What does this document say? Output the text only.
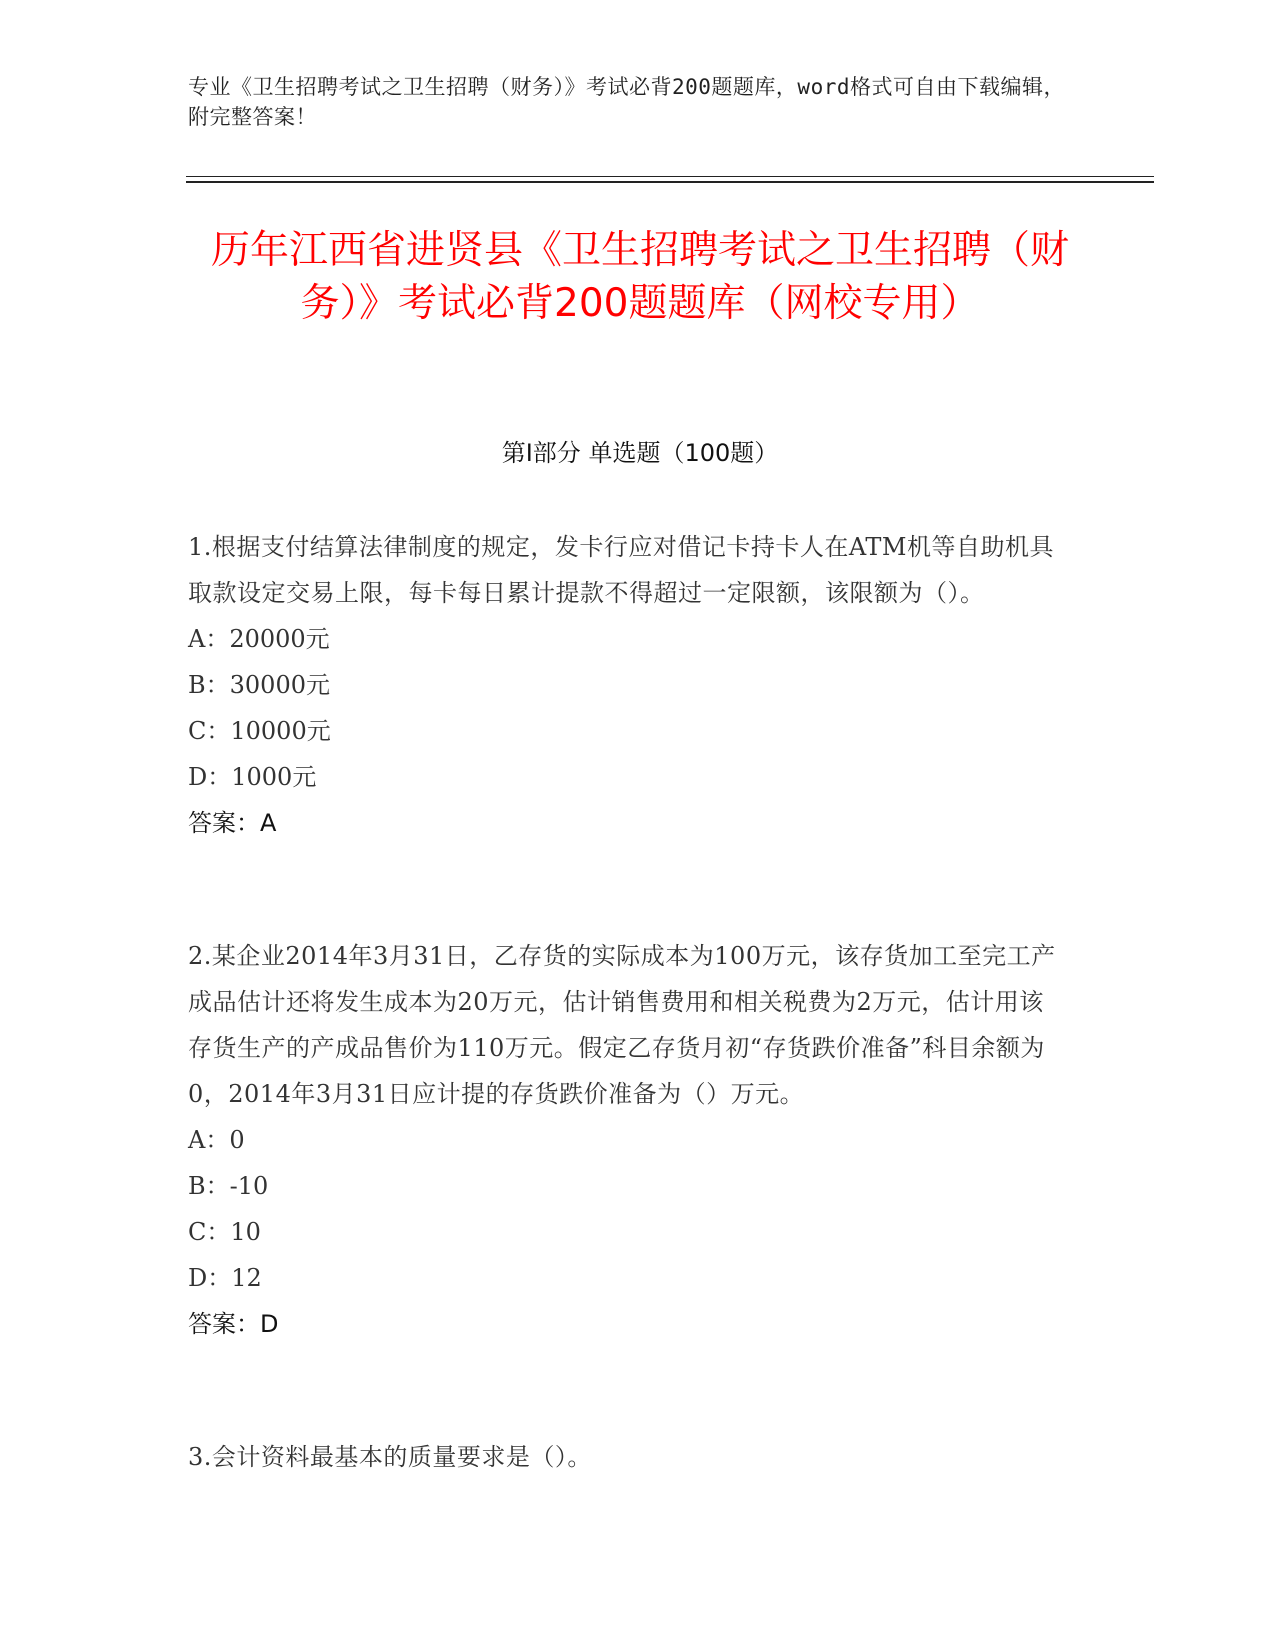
专业《卫生招聘考试之卫生招聘（财务）》考试必背200题题库，word格式可自由下载编辑，附完整答案！
历年江西省进贤县《卫生招聘考试之卫生招聘（财务）》考试必背200题题库（网校专用）
第Ⅰ部分 单选题（100题）
1.根据支付结算法律制度的规定，发卡行应对借记卡持卡人在ATM机等自助机具取款设定交易上限，每卡每日累计提款不得超过一定限额，该限额为（）。
A：20000元
B：30000元
C：10000元
D：1000元
答案：A
2.某企业2014年3月31日，乙存货的实际成本为100万元，该存货加工至完工产成品估计还将发生成本为20万元，估计销售费用和相关税费为2万元，估计用该存货生产的产成品售价为110万元。假定乙存货月初“存货跌价准备”科目余额为0，2014年3月31日应计提的存货跌价准备为（）万元。
A：0
B：-10
C：10
D：12
答案：D
3.会计资料最基本的质量要求是（）。
